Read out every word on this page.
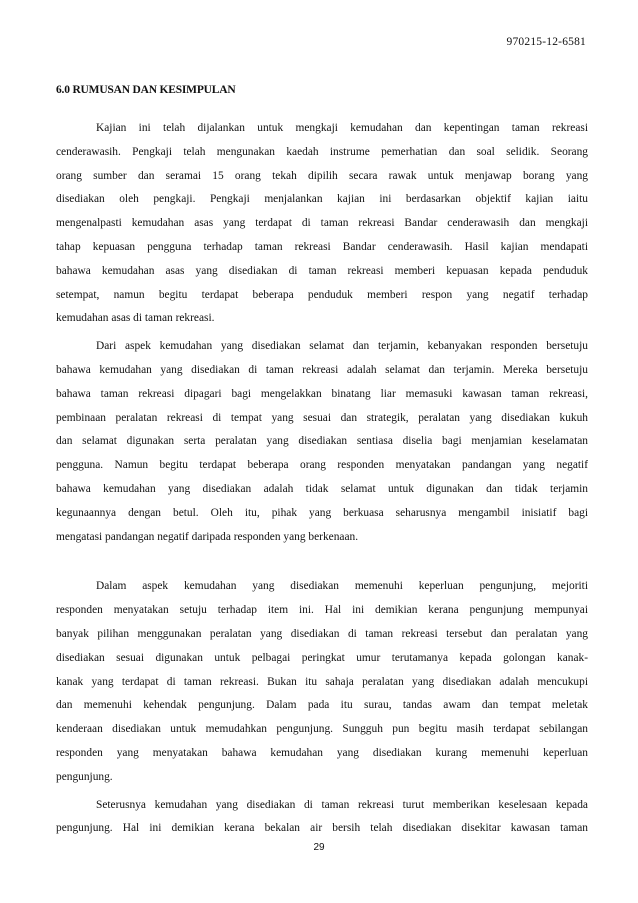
970215-12-6581
6.0 RUMUSAN DAN KESIMPULAN

Kajian ini telah dijalankan untuk mengkaji kemudahan dan kepentingan taman rekreasi

cenderawasih. Pengkaji telah mengunakan kaedah instrume pemerhatian dan soal selidik. Seorang

orang sumber dan seramai 15 orang tekah dipilih secara rawak untuk menjawap borang yang

disediakan oleh pengkaji. Pengkaji menjalankan kajian ini berdasarkan objektif kajian iaitu

mengenalpasti kemudahan asas yang terdapat di taman rekreasi Bandar cenderawasih dan mengkaji

tahap kepuasan pengguna terhadap taman rekreasi Bandar cenderawasih. Hasil kajian mendapati

bahawa kemudahan asas yang disediakan di taman rekreasi memberi kepuasan kepada penduduk

setempat, namun begitu terdapat beberapa penduduk memberi respon yang negatif terhadap

kemudahan asas di taman rekreasi.

Dari aspek kemudahan yang disediakan selamat dan terjamin, kebanyakan responden bersetuju

bahawa kemudahan yang disediakan di taman rekreasi adalah selamat dan terjamin. Mereka bersetuju

bahawa taman rekreasi dipagari bagi mengelakkan binatang liar memasuki kawasan taman rekreasi,

pembinaan peralatan rekreasi di tempat yang sesuai dan strategik, peralatan yang disediakan kukuh

dan selamat digunakan serta peralatan yang disediakan sentiasa diselia bagi menjamian keselamatan

pengguna. Namun begitu terdapat beberapa orang responden menyatakan pandangan yang negatif

bahawa kemudahan yang disediakan adalah tidak selamat untuk digunakan dan tidak terjamin

kegunaannya dengan betul. Oleh itu, pihak yang berkuasa seharusnya mengambil inisiatif bagi

mengatasi pandangan negatif daripada responden yang berkenaan.

Dalam aspek kemudahan yang disediakan memenuhi keperluan pengunjung, mejoriti

responden menyatakan setuju terhadap item ini. Hal ini demikian kerana pengunjung mempunyai

banyak pilihan menggunakan peralatan yang disediakan di taman rekreasi tersebut dan peralatan yang

disediakan sesuai digunakan untuk pelbagai peringkat umur terutamanya kepada golongan kanak-

kanak yang terdapat di taman rekreasi. Bukan itu sahaja peralatan yang disediakan adalah mencukupi

dan memenuhi kehendak pengunjung. Dalam pada itu surau, tandas awam dan tempat meletak

kenderaan disediakan untuk memudahkan pengunjung. Sungguh pun begitu masih terdapat sebilangan

responden yang menyatakan bahawa kemudahan yang disediakan kurang memenuhi keperluan

pengunjung.

Seterusnya kemudahan yang disediakan di taman rekreasi turut memberikan keselesaan kepada

pengunjung. Hal ini demikian kerana bekalan air bersih telah disediakan disekitar kawasan taman

29
